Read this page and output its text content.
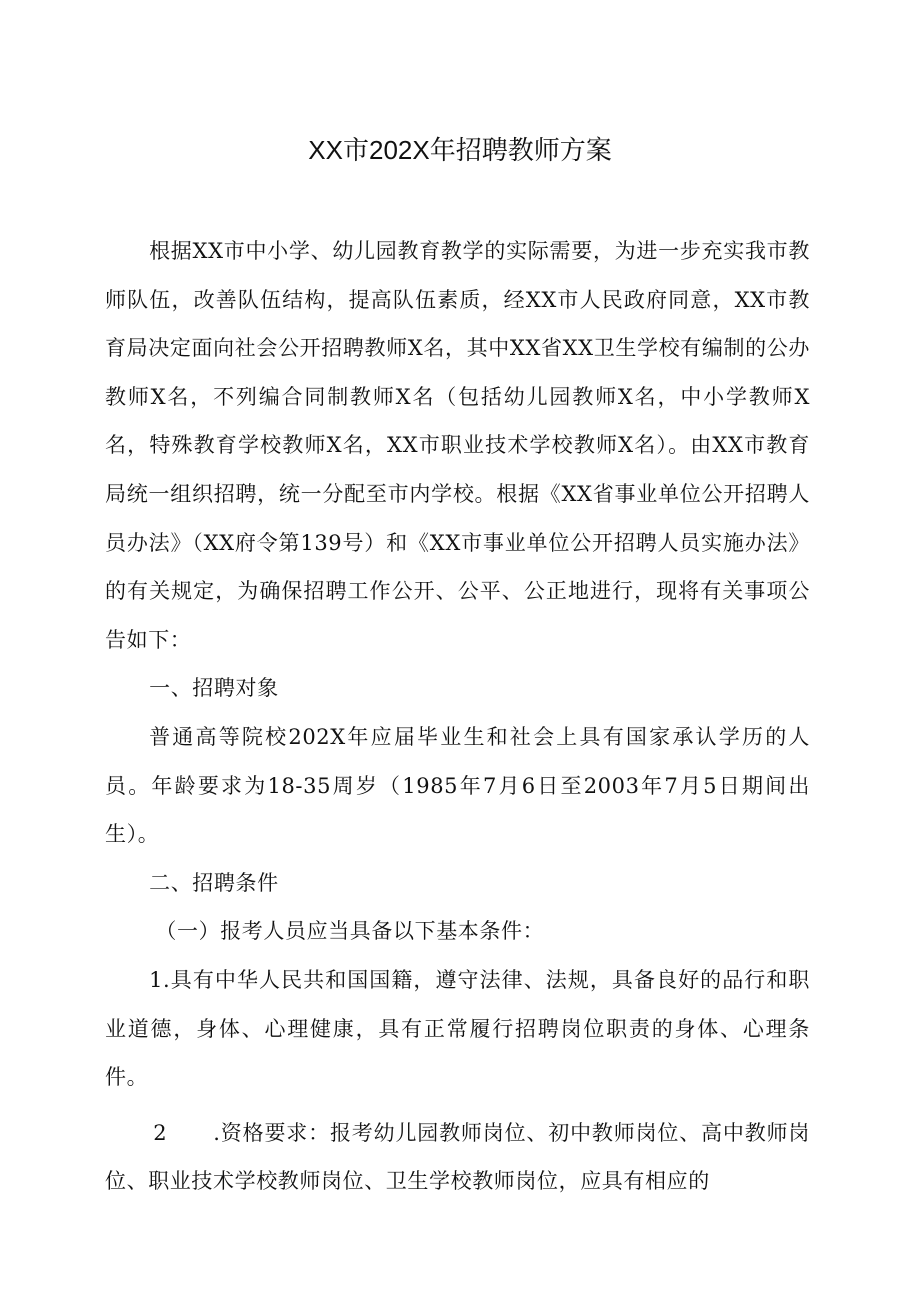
XX市202X年招聘教师方案

根据XX市中小学、幼儿园教育教学的实际需要，为进一步充实我市教师队伍，改善队伍结构，提高队伍素质，经XX市人民政府同意，XX市教育局决定面向社会公开招聘教师X名，其中XX省XX卫生学校有编制的公办教师X名，不列编合同制教师X名（包括幼儿园教师X名，中小学教师X名，特殊教育学校教师X名，XX市职业技术学校教师X名）。由XX市教育局统一组织招聘，统一分配至市内学校。根据《XX省事业单位公开招聘人员办法》（XX府令第139号）和《XX市事业单位公开招聘人员实施办法》的有关规定，为确保招聘工作公开、公平、公正地进行，现将有关事项公告如下：

一、招聘对象

普通高等院校202X年应届毕业生和社会上具有国家承认学历的人员。年龄要求为18-35周岁（1985年7月6日至2003年7月5日期间出生）。

二、招聘条件

（一）报考人员应当具备以下基本条件：

1.具有中华人民共和国国籍，遵守法律、法规，具备良好的品行和职业道德，身体、心理健康，具有正常履行招聘岗位职责的身体、心理条件。

2 .资格要求：报考幼儿园教师岗位、初中教师岗位、高中教师岗位、职业技术学校教师岗位、卫生学校教师岗位，应具有相应的
